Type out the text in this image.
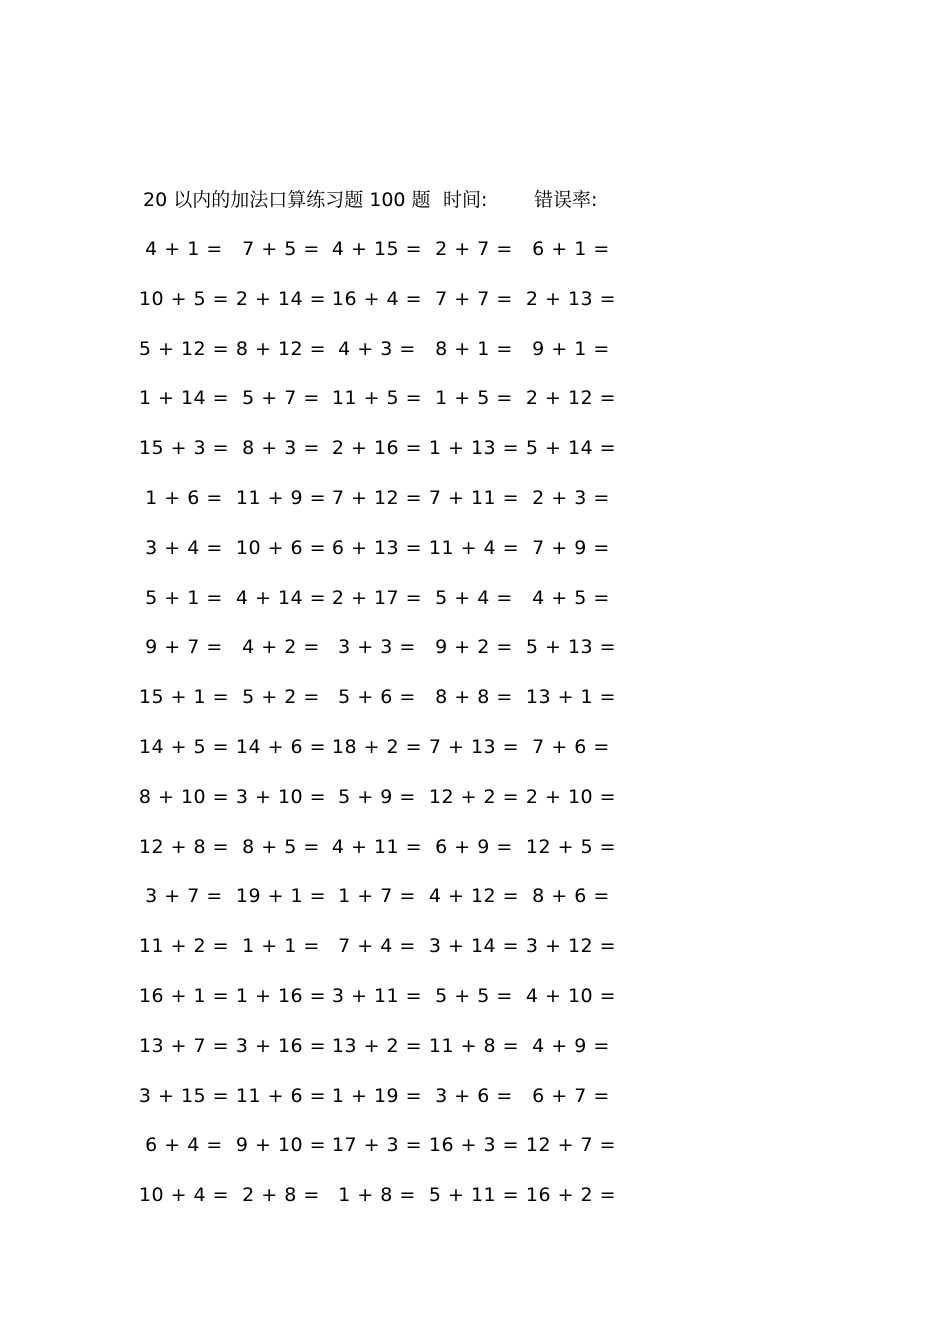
20 以内的加法口算练习题 100 题 时间: 错误率:
4 + 1 = 7 + 5 = 4 + 15 = 2 + 7 = 6 + 1 =
10 + 5 = 2 + 14 = 16 + 4 = 7 + 7 = 2 + 13 =
5 + 12 = 8 + 12 = 4 + 3 = 8 + 1 = 9 + 1 =
1 + 14 = 5 + 7 = 11 + 5 = 1 + 5 = 2 + 12 =
15 + 3 = 8 + 3 = 2 + 16 = 1 + 13 = 5 + 14 =
1 + 6 = 11 + 9 = 7 + 12 = 7 + 11 = 2 + 3 =
3 + 4 = 10 + 6 = 6 + 13 = 11 + 4 = 7 + 9 =
5 + 1 = 4 + 14 = 2 + 17 = 5 + 4 = 4 + 5 =
9 + 7 = 4 + 2 = 3 + 3 = 9 + 2 = 5 + 13 =
15 + 1 = 5 + 2 = 5 + 6 = 8 + 8 = 13 + 1 =
14 + 5 = 14 + 6 = 18 + 2 = 7 + 13 = 7 + 6 =
8 + 10 = 3 + 10 = 5 + 9 = 12 + 2 = 2 + 10 =
12 + 8 = 8 + 5 = 4 + 11 = 6 + 9 = 12 + 5 =
3 + 7 = 19 + 1 = 1 + 7 = 4 + 12 = 8 + 6 =
11 + 2 = 1 + 1 = 7 + 4 = 3 + 14 = 3 + 12 =
16 + 1 = 1 + 16 = 3 + 11 = 5 + 5 = 4 + 10 =
13 + 7 = 3 + 16 = 13 + 2 = 11 + 8 = 4 + 9 =
3 + 15 = 11 + 6 = 1 + 19 = 3 + 6 = 6 + 7 =
6 + 4 = 9 + 10 = 17 + 3 = 16 + 3 = 12 + 7 =
10 + 4 = 2 + 8 = 1 + 8 = 5 + 11 = 16 + 2 =
